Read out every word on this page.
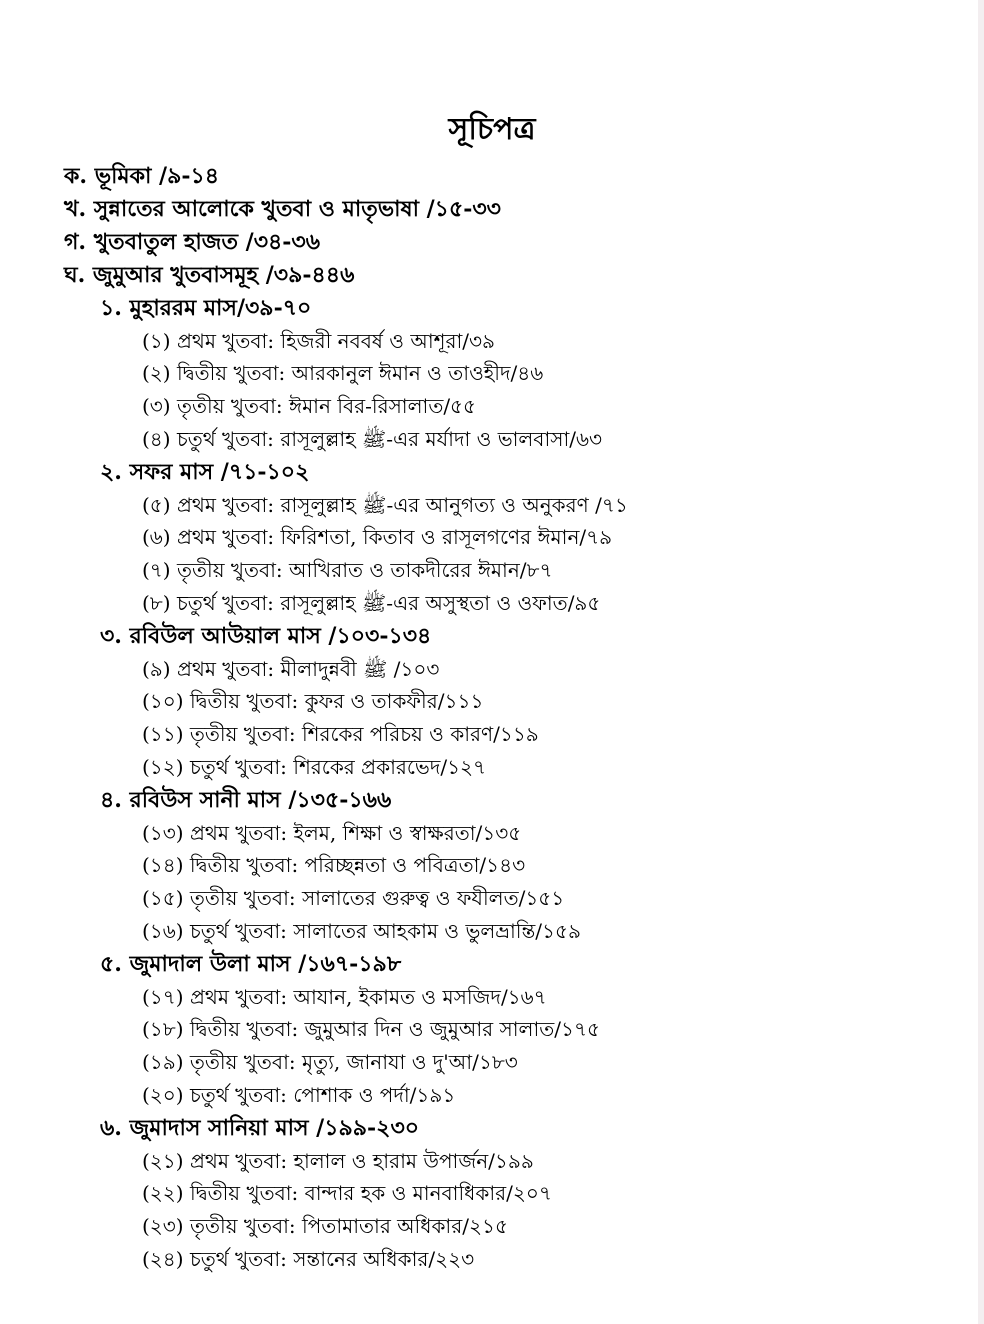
সূচিপত্র
ক. ভূমিকা /৯-১৪
খ. সুন্নাতের আলোকে খুতবা ও মাতৃভাষা /১৫-৩৩
গ. খুতবাতুল হাজত /৩৪-৩৬
ঘ. জুমুআর খুতবাসমূহ /৩৯-৪৪৬
১. মুহাররম মাস/৩৯-৭০
(১) প্রথম খুতবা: হিজরী নববর্ষ ও আশূরা/৩৯
(২) দ্বিতীয় খুতবা: আরকানুল ঈমান ও তাওহীদ/৪৬
(৩) তৃতীয় খুতবা: ঈমান বির-রিসালাত/৫৫
(৪) চতুর্থ খুতবা: রাসূলুল্লাহ ﷺ-এর মর্যাদা ও ভালবাসা/৬৩
২. সফর মাস /৭১-১০২
(৫) প্রথম খুতবা: রাসূলুল্লাহ ﷺ-এর আনুগত্য ও অনুকরণ /৭১
(৬) প্রথম খুতবা: ফিরিশতা, কিতাব ও রাসূলগণের ঈমান/৭৯
(৭) তৃতীয় খুতবা: আখিরাত ও তাকদীরের ঈমান/৮৭
(৮) চতুর্থ খুতবা: রাসূলুল্লাহ ﷺ-এর অসুস্থতা ও ওফাত/৯৫
৩. রবিউল আউয়াল মাস /১০৩-১৩৪
(৯) প্রথম খুতবা: মীলাদুন্নবী ﷺ /১০৩
(১০) দ্বিতীয় খুতবা: কুফর ও তাকফীর/১১১
(১১) তৃতীয় খুতবা: শিরকের পরিচয় ও কারণ/১১৯
(১২) চতুর্থ খুতবা: শিরকের প্রকারভেদ/১২৭
৪. রবিউস সানী মাস /১৩৫-১৬৬
(১৩) প্রথম খুতবা: ইলম, শিক্ষা ও স্বাক্ষরতা/১৩৫
(১৪) দ্বিতীয় খুতবা: পরিচ্ছন্নতা ও পবিত্রতা/১৪৩
(১৫) তৃতীয় খুতবা: সালাতের গুরুত্ব ও ফযীলত/১৫১
(১৬) চতুর্থ খুতবা: সালাতের আহকাম ও ভুলভ্রান্তি/১৫৯
৫. জুমাদাল উলা মাস /১৬৭-১৯৮
(১৭) প্রথম খুতবা: আযান, ইকামত ও মসজিদ/১৬৭
(১৮) দ্বিতীয় খুতবা: জুমুআর দিন ও জুমুআর সালাত/১৭৫
(১৯) তৃতীয় খুতবা: মৃত্যু, জানাযা ও দু'আ/১৮৩
(২০) চতুর্থ খুতবা: পোশাক ও পর্দা/১৯১
৬. জুমাদাস সানিয়া মাস /১৯৯-২৩০
(২১) প্রথম খুতবা: হালাল ও হারাম উপার্জন/১৯৯
(২২) দ্বিতীয় খুতবা: বান্দার হক ও মানবাধিকার/২০৭
(২৩) তৃতীয় খুতবা: পিতামাতার অধিকার/২১৫
(২৪) চতুর্থ খুতবা: সন্তানের অধিকার/২২৩
